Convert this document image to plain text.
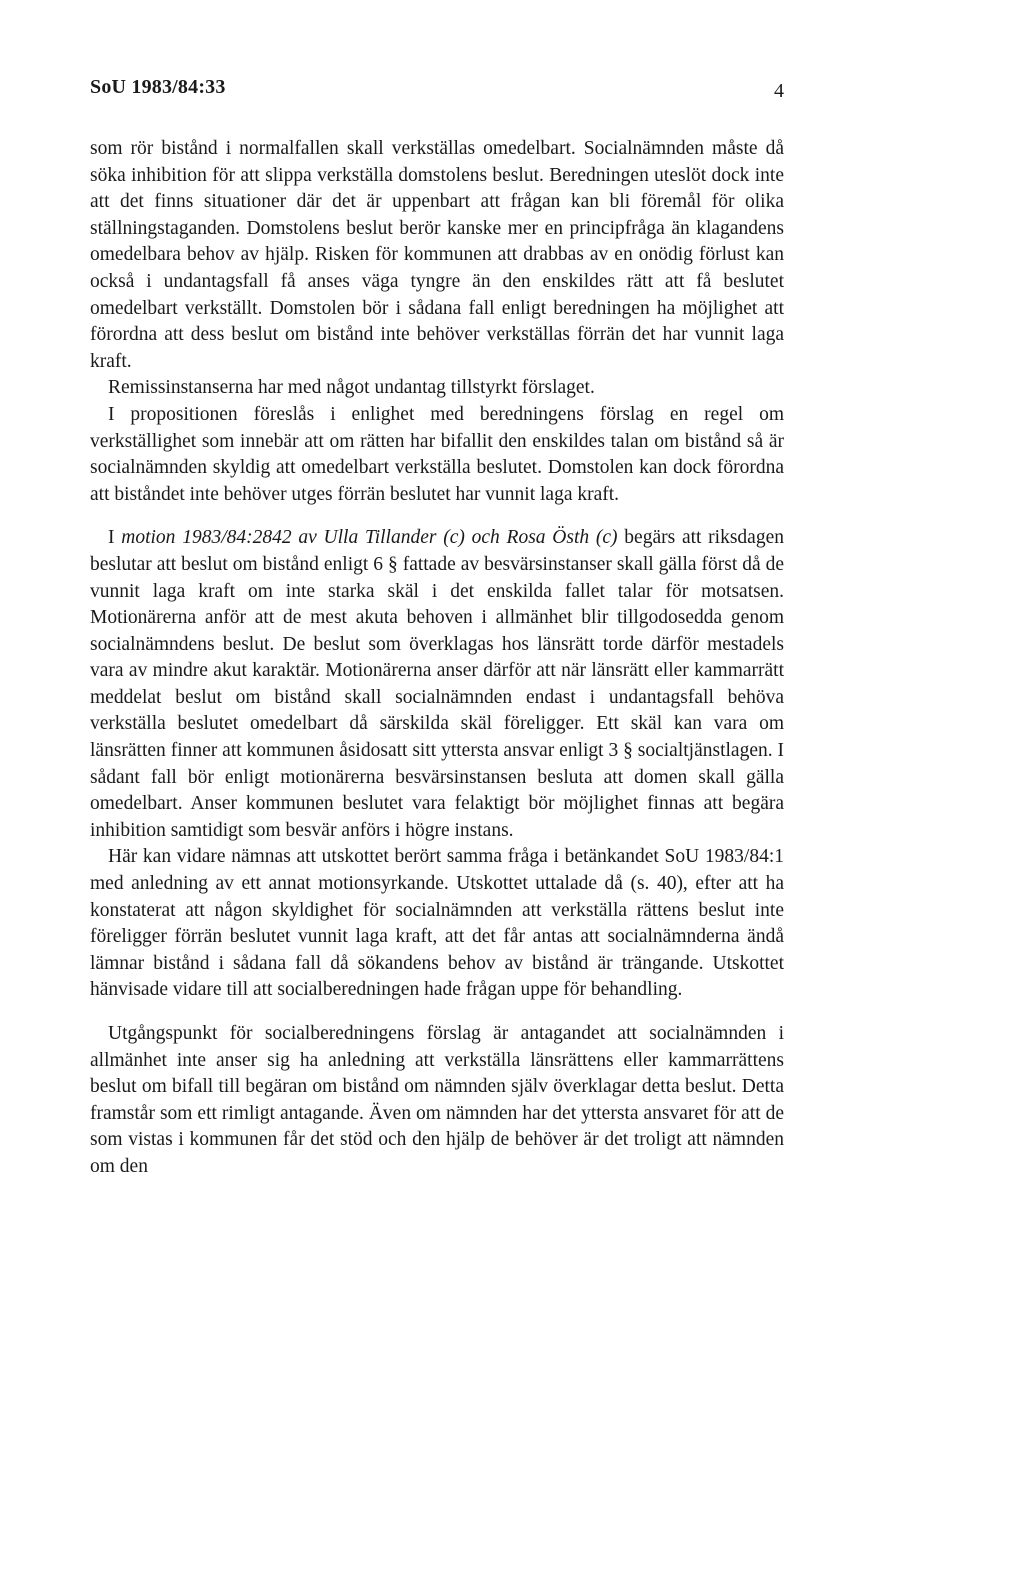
SoU 1983/84:33	4

som rör bistånd i normalfallen skall verkställas omedelbart. Socialnämnden måste då söka inhibition för att slippa verkställa domstolens beslut. Beredningen uteslöt dock inte att det finns situationer där det är uppenbart att frågan kan bli föremål för olika ställningstaganden. Domstolens beslut berör kanske mer en principfråga än klagandens omedelbara behov av hjälp. Risken för kommunen att drabbas av en onödig förlust kan också i undantagsfall få anses väga tyngre än den enskildes rätt att få beslutet omedelbart verkställt. Domstolen bör i sådana fall enligt beredningen ha möjlighet att förordna att dess beslut om bistånd inte behöver verkställas förrän det har vunnit laga kraft.

Remissinstanserna har med något undantag tillstyrkt förslaget.

I propositionen föreslås i enlighet med beredningens förslag en regel om verkställighet som innebär att om rätten har bifallit den enskildes talan om bistånd så är socialnämnden skyldig att omedelbart verkställa beslutet. Domstolen kan dock förordna att biståndet inte behöver utges förrän beslutet har vunnit laga kraft.

I motion 1983/84:2842 av Ulla Tillander (c) och Rosa Östh (c) begärs att riksdagen beslutar att beslut om bistånd enligt 6 § fattade av besvärsinstanser skall gälla först då de vunnit laga kraft om inte starka skäl i det enskilda fallet talar för motsatsen. Motionärerna anför att de mest akuta behoven i allmänhet blir tillgodosedda genom socialnämndens beslut. De beslut som överklagas hos länsrätt torde därför mestadels vara av mindre akut karaktär. Motionärerna anser därför att när länsrätt eller kammarrätt meddelat beslut om bistånd skall socialnämnden endast i undantagsfall behöva verkställa beslutet omedelbart då särskilda skäl föreligger. Ett skäl kan vara om länsrätten finner att kommunen åsidosatt sitt yttersta ansvar enligt 3 § socialtjänstlagen. I sådant fall bör enligt motionärerna besvärsinstansen besluta att domen skall gälla omedelbart. Anser kommunen beslutet vara felaktigt bör möjlighet finnas att begära inhibition samtidigt som besvär anförs i högre instans.

Här kan vidare nämnas att utskottet berört samma fråga i betänkandet SoU 1983/84:1 med anledning av ett annat motionsyrkande. Utskottet uttalade då (s. 40), efter att ha konstaterat att någon skyldighet för socialnämnden att verkställa rättens beslut inte föreligger förrän beslutet vunnit laga kraft, att det får antas att socialnämnderna ändå lämnar bistånd i sådana fall då sökandens behov av bistånd är trängande. Utskottet hänvisade vidare till att socialberedningen hade frågan uppe för behandling.

Utgångspunkt för socialberedningens förslag är antagandet att socialnämnden i allmänhet inte anser sig ha anledning att verkställa länsrättens eller kammarrättens beslut om bifall till begäran om bistånd om nämnden själv överklagar detta beslut. Detta framstår som ett rimligt antagande. Även om nämnden har det yttersta ansvaret för att de som vistas i kommunen får det stöd och den hjälp de behöver är det troligt att nämnden om den
